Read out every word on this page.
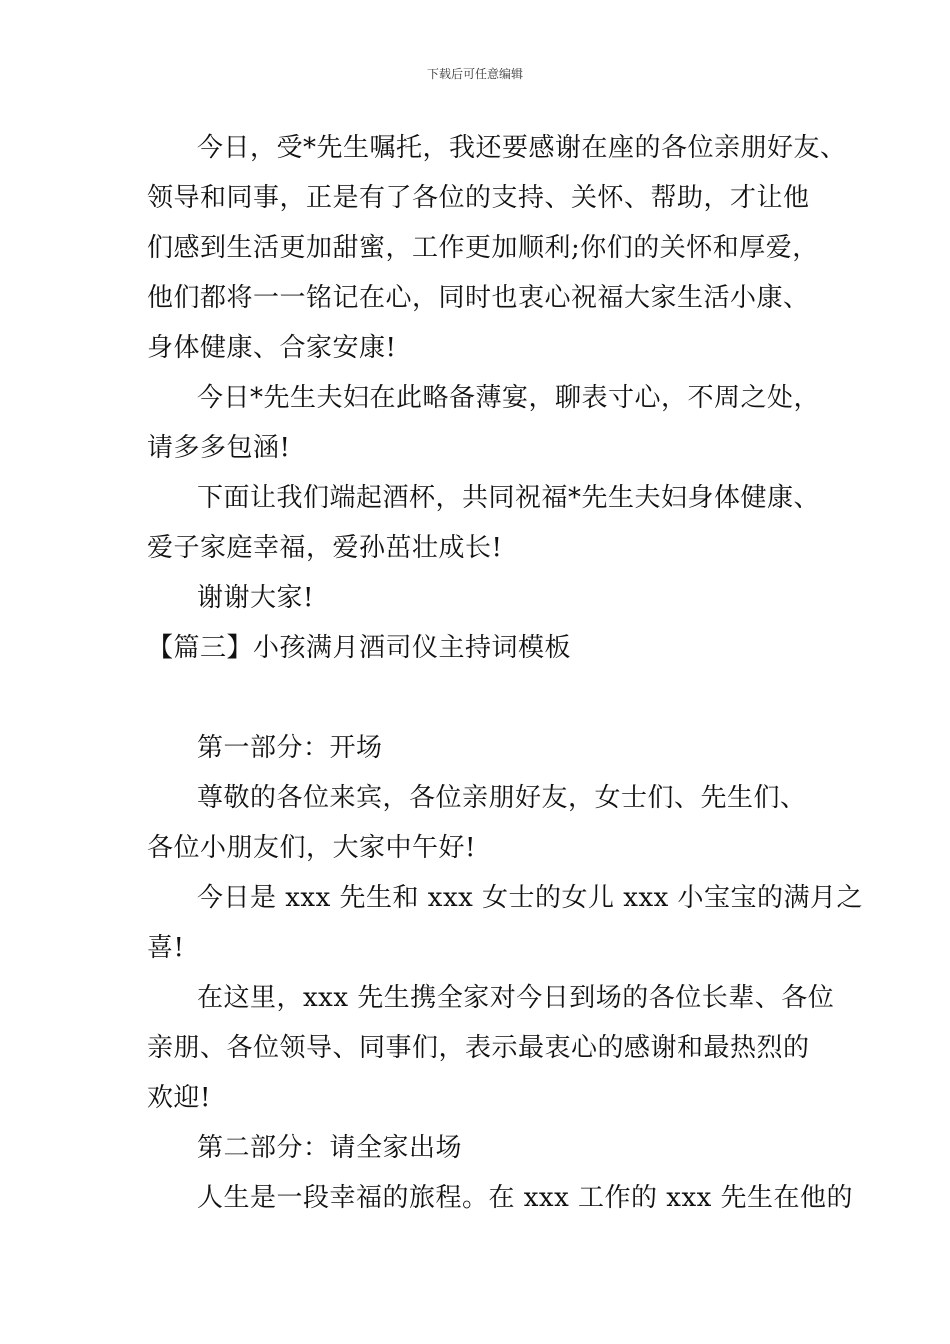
下载后可任意编辑
今日，受*先生嘱托，我还要感谢在座的各位亲朋好友、
领导和同事，正是有了各位的支持、关怀、帮助，才让他
们感到生活更加甜蜜，工作更加顺利;你们的关怀和厚爱，
他们都将一一铭记在心，同时也衷心祝福大家生活小康、
身体健康、合家安康!
今日*先生夫妇在此略备薄宴，聊表寸心，不周之处，
请多多包涵!
下面让我们端起酒杯，共同祝福*先生夫妇身体健康、
爱子家庭幸福，爱孙茁壮成长!
谢谢大家!
【篇三】小孩满月酒司仪主持词模板
第一部分：开场
尊敬的各位来宾，各位亲朋好友，女士们、先生们、
各位小朋友们，大家中午好!
今日是 xxx 先生和 xxx 女士的女儿 xxx 小宝宝的满月之
喜!
在这里，xxx 先生携全家对今日到场的各位长辈、各位
亲朋、各位领导、同事们，表示最衷心的感谢和最热烈的
欢迎!
第二部分：请全家出场
人生是一段幸福的旅程。在 xxx 工作的 xxx 先生在他的
